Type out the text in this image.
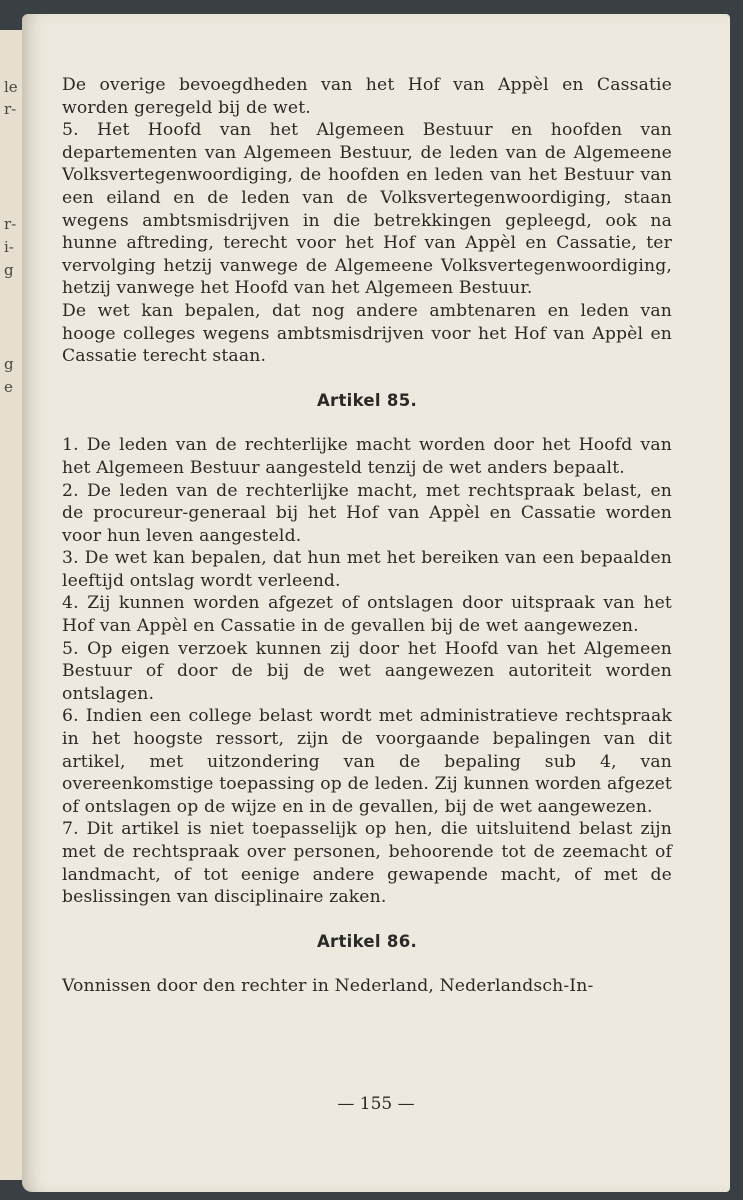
le
r-
r-
i-
g
g
e

De overige bevoegdheden van het Hof van Appèl en Cassatie worden geregeld bij de wet.

5. Het Hoofd van het Algemeen Bestuur en hoofden van departementen van Algemeen Bestuur, de leden van de Algemeene Volksvertegenwoordiging, de hoofden en leden van het Bestuur van een eiland en de leden van de Volksvertegenwoordiging, staan wegens ambtsmisdrijven in die betrekkingen gepleegd, ook na hunne aftreding, terecht voor het Hof van Appèl en Cassatie, ter vervolging hetzij vanwege de Algemeene Volksvertegenwoordiging, hetzij vanwege het Hoofd van het Algemeen Bestuur.

De wet kan bepalen, dat nog andere ambtenaren en leden van hooge colleges wegens ambtsmisdrijven voor het Hof van Appèl en Cassatie terecht staan.

Artikel 85.

1. De leden van de rechterlijke macht worden door het Hoofd van het Algemeen Bestuur aangesteld tenzij de wet anders bepaalt.

2. De leden van de rechterlijke macht, met rechtspraak belast, en de procureur-generaal bij het Hof van Appèl en Cassatie worden voor hun leven aangesteld.

3. De wet kan bepalen, dat hun met het bereiken van een bepaalden leeftijd ontslag wordt verleend.

4. Zij kunnen worden afgezet of ontslagen door uitspraak van het Hof van Appèl en Cassatie in de gevallen bij de wet aangewezen.

5. Op eigen verzoek kunnen zij door het Hoofd van het Algemeen Bestuur of door de bij de wet aangewezen autoriteit worden ontslagen.

6. Indien een college belast wordt met administratieve rechtspraak in het hoogste ressort, zijn de voorgaande bepalingen van dit artikel, met uitzondering van de bepaling sub 4, van overeenkomstige toepassing op de leden. Zij kunnen worden afgezet of ontslagen op de wijze en in de gevallen, bij de wet aangewezen.

7. Dit artikel is niet toepasselijk op hen, die uitsluitend belast zijn met de rechtspraak over personen, behoorende tot de zeemacht of landmacht, of tot eenige andere gewapende macht, of met de beslissingen van disciplinaire zaken.

Artikel 86.

Vonnissen door den rechter in Nederland, Nederlandsch-In-

— 155 —
